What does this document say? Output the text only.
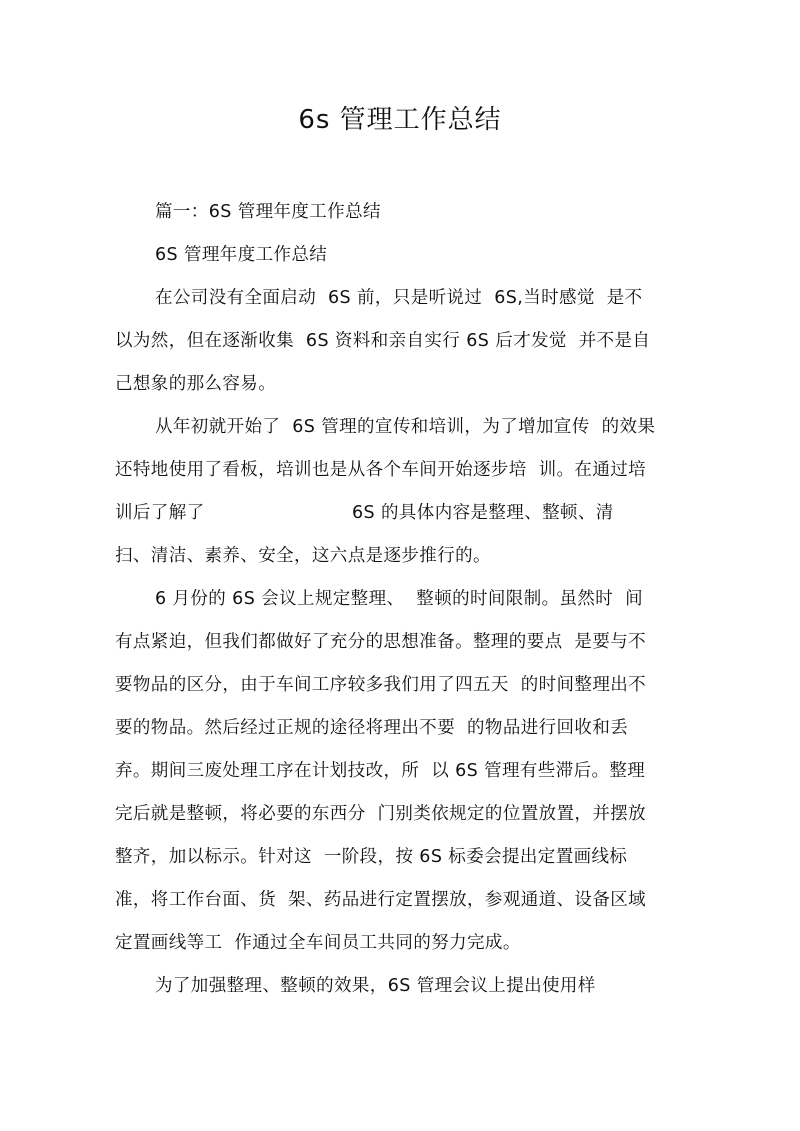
6s 管理工作总结
篇一：6S 管理年度工作总结
6S 管理年度工作总结
在公司没有全面启动  6S 前，只是听说过  6S,当时感觉  是不
以为然，但在逐渐收集  6S 资料和亲自实行 6S 后才发觉  并不是自
己想象的那么容易。
从年初就开始了  6S 管理的宣传和培训，为了增加宣传  的效果
还特地使用了看板，培训也是从各个车间开始逐步培  训。在通过培
训后了解了	6S 的具体内容是整理、整顿、清
扫、清洁、素养、安全，这六点是逐步推行的。
6 月份的 6S 会议上规定整理、  整顿的时间限制。虽然时  间
有点紧迫，但我们都做好了充分的思想准备。整理的要点  是要与不
要物品的区分，由于车间工序较多我们用了四五天  的时间整理出不
要的物品。然后经过正规的途径将理出不要  的物品进行回收和丢
弃。期间三废处理工序在计划技改，所  以 6S 管理有些滞后。整理
完后就是整顿，将必要的东西分  门别类依规定的位置放置，并摆放
整齐，加以标示。针对这  一阶段，按 6S 标委会提出定置画线标
准，将工作台面、货  架、药品进行定置摆放，参观通道、设备区域
定置画线等工  作通过全车间员工共同的努力完成。
为了加强整理、整顿的效果，6S 管理会议上提出使用样
